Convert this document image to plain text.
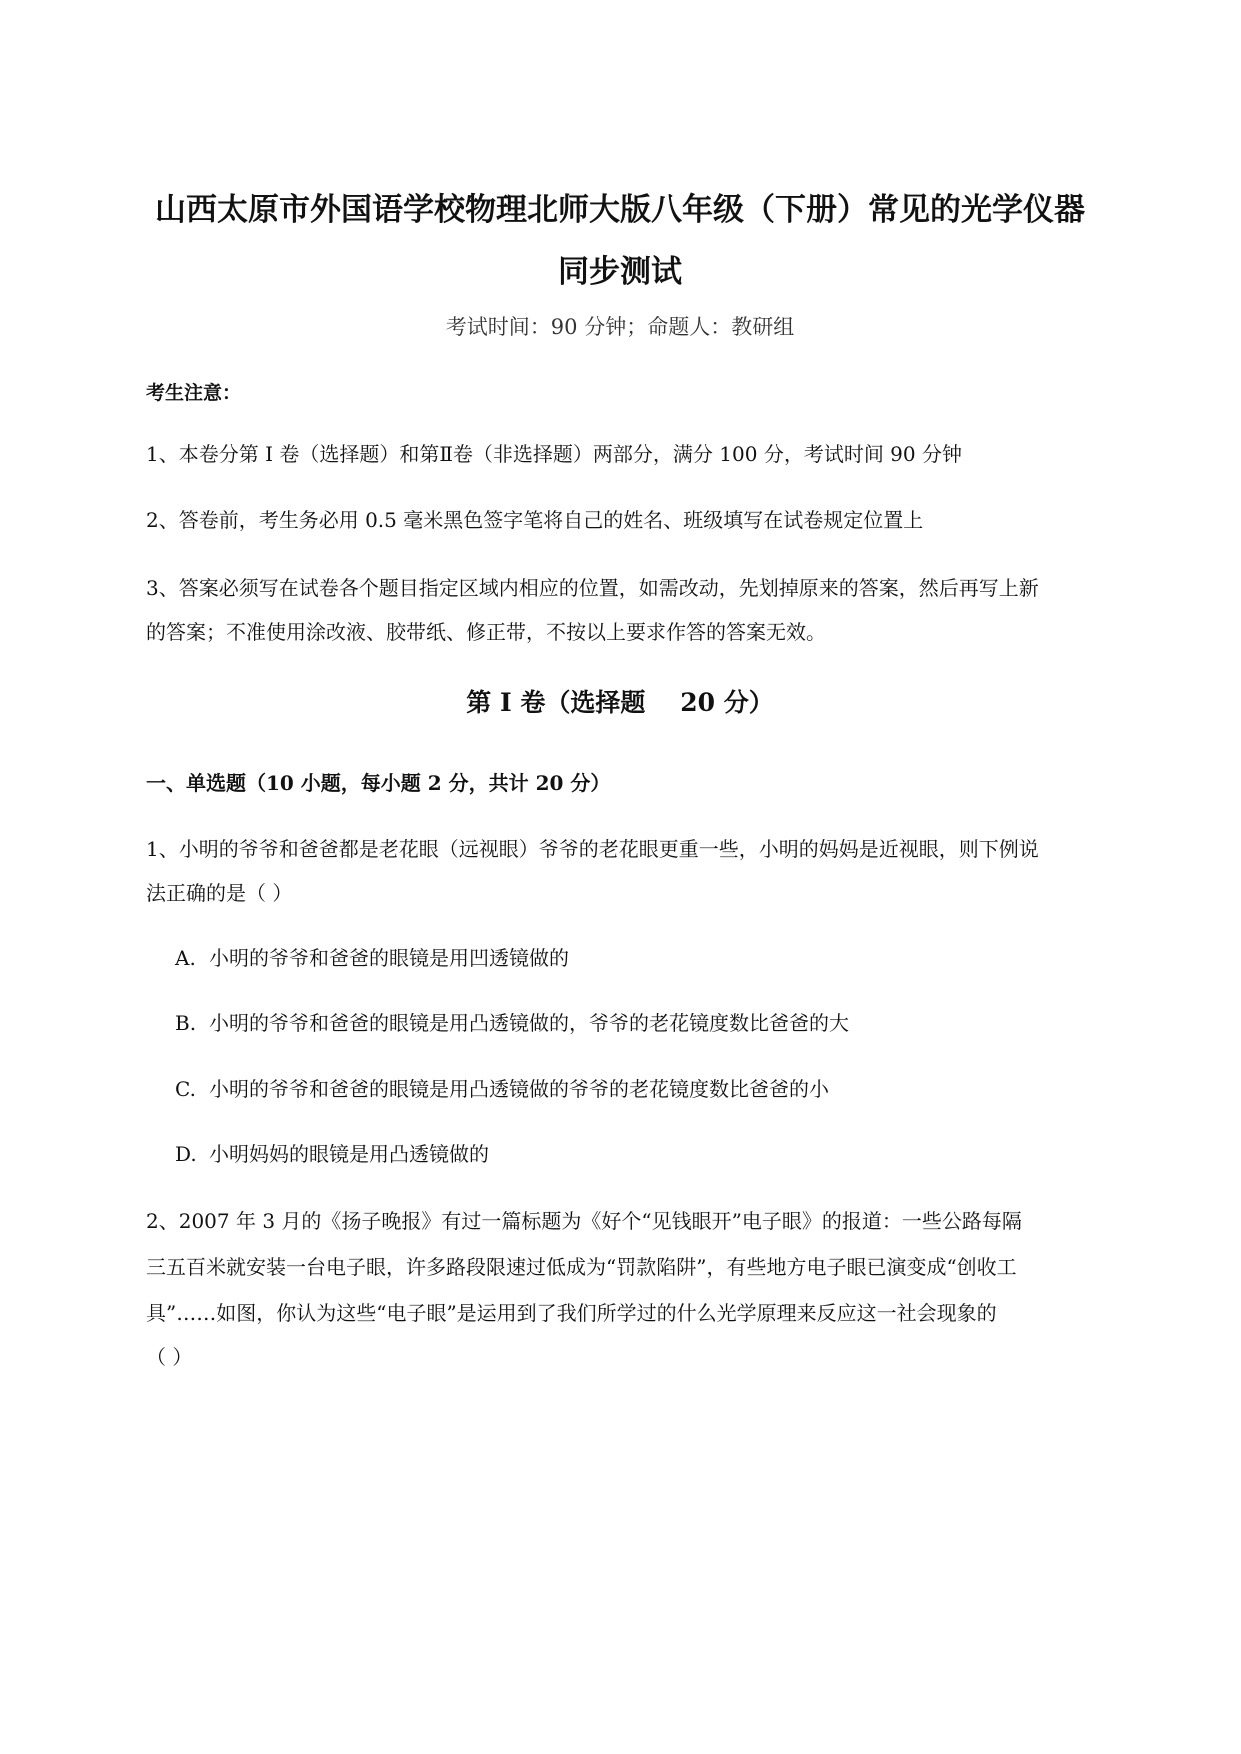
山西太原市外国语学校物理北师大版八年级（下册）常见的光学仪器
同步测试
考试时间：90 分钟；命题人：教研组
考生注意：
1、本卷分第 I 卷（选择题）和第Ⅱ卷（非选择题）两部分，满分 100 分，考试时间 90 分钟
2、答卷前，考生务必用 0.5 毫米黑色签字笔将自己的姓名、班级填写在试卷规定位置上
3、答案必须写在试卷各个题目指定区域内相应的位置，如需改动，先划掉原来的答案，然后再写上新
的答案；不准使用涂改液、胶带纸、修正带，不按以上要求作答的答案无效。
第 I 卷（选择题    20 分）
一、单选题（10 小题，每小题 2 分，共计 20 分）
1、小明的爷爷和爸爸都是老花眼（远视眼）爷爷的老花眼更重一些，小明的妈妈是近视眼，则下例说
法正确的是（ ）
A. 小明的爷爷和爸爸的眼镜是用凹透镜做的
B. 小明的爷爷和爸爸的眼镜是用凸透镜做的，爷爷的老花镜度数比爸爸的大
C. 小明的爷爷和爸爸的眼镜是用凸透镜做的爷爷的老花镜度数比爸爸的小
D. 小明妈妈的眼镜是用凸透镜做的
2、2007 年 3 月的《扬子晚报》有过一篇标题为《好个“见钱眼开”电子眼》的报道：一些公路每隔
三五百米就安装一台电子眼，许多路段限速过低成为“罚款陷阱”，有些地方电子眼已演变成“创收工
具”……如图，你认为这些“电子眼”是运用到了我们所学过的什么光学原理来反应这一社会现象的
（ ）
